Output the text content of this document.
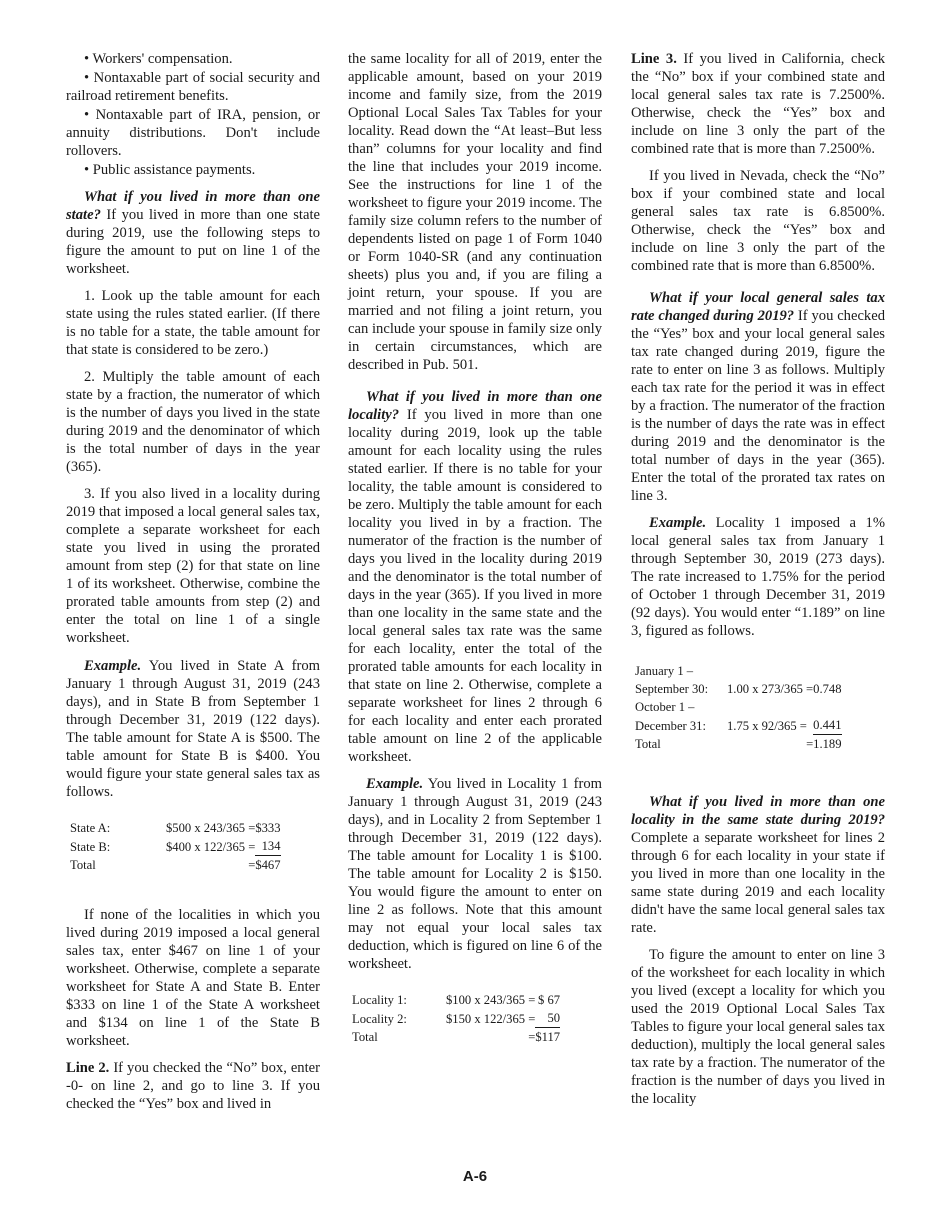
• Workers' compensation.

• Nontaxable part of social security and railroad retirement benefits.

• Nontaxable part of IRA, pension, or annuity distributions. Don't include rollovers.

• Public assistance payments.

What if you lived in more than one state? If you lived in more than one state during 2019, use the following steps to figure the amount to put on line 1 of the worksheet.

1. Look up the table amount for each state using the rules stated earlier. (If there is no table for a state, the table amount for that state is considered to be zero.)

2. Multiply the table amount of each state by a fraction, the numerator of which is the number of days you lived in the state during 2019 and the denominator of which is the total number of days in the year (365).

3. If you also lived in a locality during 2019 that imposed a local general sales tax, complete a separate worksheet for each state you lived in using the prorated amount from step (2) for that state on line 1 of its worksheet. Otherwise, combine the prorated table amounts from step (2) and enter the total on line 1 of a single worksheet.

Example. You lived in State A from January 1 through August 31, 2019 (243 days), and in State B from September 1 through December 31, 2019 (122 days). The table amount for State A is $500. The table amount for State B is $400. You would figure your state general sales tax as follows.

State A:	$500 x 243/365 =	$333
State B:	$400 x 122/365 =	134
Total	=	$467

If none of the localities in which you lived during 2019 imposed a local general sales tax, enter $467 on line 1 of your worksheet. Otherwise, complete a separate worksheet for State A and State B. Enter $333 on line 1 of the State A worksheet and $134 on line 1 of the State B worksheet.

Line 2. If you checked the “No” box, enter -0- on line 2, and go to line 3. If you checked the “Yes” box and lived in

the same locality for all of 2019, enter the applicable amount, based on your 2019 income and family size, from the 2019 Optional Local Sales Tax Tables for your locality. Read down the “At least–But less than” columns for your locality and find the line that includes your 2019 income. See the instructions for line 1 of the worksheet to figure your 2019 income. The family size column refers to the number of dependents listed on page 1 of Form 1040 or Form 1040-SR (and any continuation sheets) plus you and, if you are filing a joint return, your spouse. If you are married and not filing a joint return, you can include your spouse in family size only in certain circumstances, which are described in Pub. 501.

What if you lived in more than one locality? If you lived in more than one locality during 2019, look up the table amount for each locality using the rules stated earlier. If there is no table for your locality, the table amount is considered to be zero. Multiply the table amount for each locality you lived in by a fraction. The numerator of the fraction is the number of days you lived in the locality during 2019 and the denominator is the total number of days in the year (365). If you lived in more than one locality in the same state and the local general sales tax rate was the same for each locality, enter the total of the prorated table amounts for each locality in that state on line 2. Otherwise, complete a separate worksheet for lines 2 through 6 for each locality and enter each prorated table amount on line 2 of the applicable worksheet.

Example. You lived in Locality 1 from January 1 through August 31, 2019 (243 days), and in Locality 2 from September 1 through December 31, 2019 (122 days). The table amount for Locality 1 is $100. The table amount for Locality 2 is $150. You would figure the amount to enter on line 2 as follows. Note that this amount may not equal your local sales tax deduction, which is figured on line 6 of the worksheet.

Locality 1:	$100 x 243/365 =	$ 67
Locality 2:	$150 x 122/365 =	50
Total	=	$117

Line 3. If you lived in California, check the “No” box if your combined state and local general sales tax rate is 7.2500%. Otherwise, check the “Yes” box and include on line 3 only the part of the combined rate that is more than 7.2500%.

If you lived in Nevada, check the “No” box if your combined state and local general sales tax rate is 6.8500%. Otherwise, check the “Yes” box and include on line 3 only the part of the combined rate that is more than 6.8500%.

What if your local general sales tax rate changed during 2019? If you checked the “Yes” box and your local general sales tax rate changed during 2019, figure the rate to enter on line 3 as follows. Multiply each tax rate for the period it was in effect by a fraction. The numerator of the fraction is the number of days the rate was in effect during 2019 and the denominator is the total number of days in the year (365). Enter the total of the prorated tax rates on line 3.

Example. Locality 1 imposed a 1% local general sales tax from January 1 through September 30, 2019 (273 days). The rate increased to 1.75% for the period of October 1 through December 31, 2019 (92 days). You would enter “1.189” on line 3, figured as follows.

January 1 –		
September 30:	1.00 x 273/365 =	0.748
October 1 –		
December 31:	1.75 x 92/365 =	0.441
Total	=	1.189

What if you lived in more than one locality in the same state during 2019? Complete a separate worksheet for lines 2 through 6 for each locality in your state if you lived in more than one locality in the same state during 2019 and each locality didn't have the same local general sales tax rate.

To figure the amount to enter on line 3 of the worksheet for each locality in which you lived (except a locality for which you used the 2019 Optional Local Sales Tax Tables to figure your local general sales tax deduction), multiply the local general sales tax rate by a fraction. The numerator of the fraction is the number of days you lived in the locality

A-6
